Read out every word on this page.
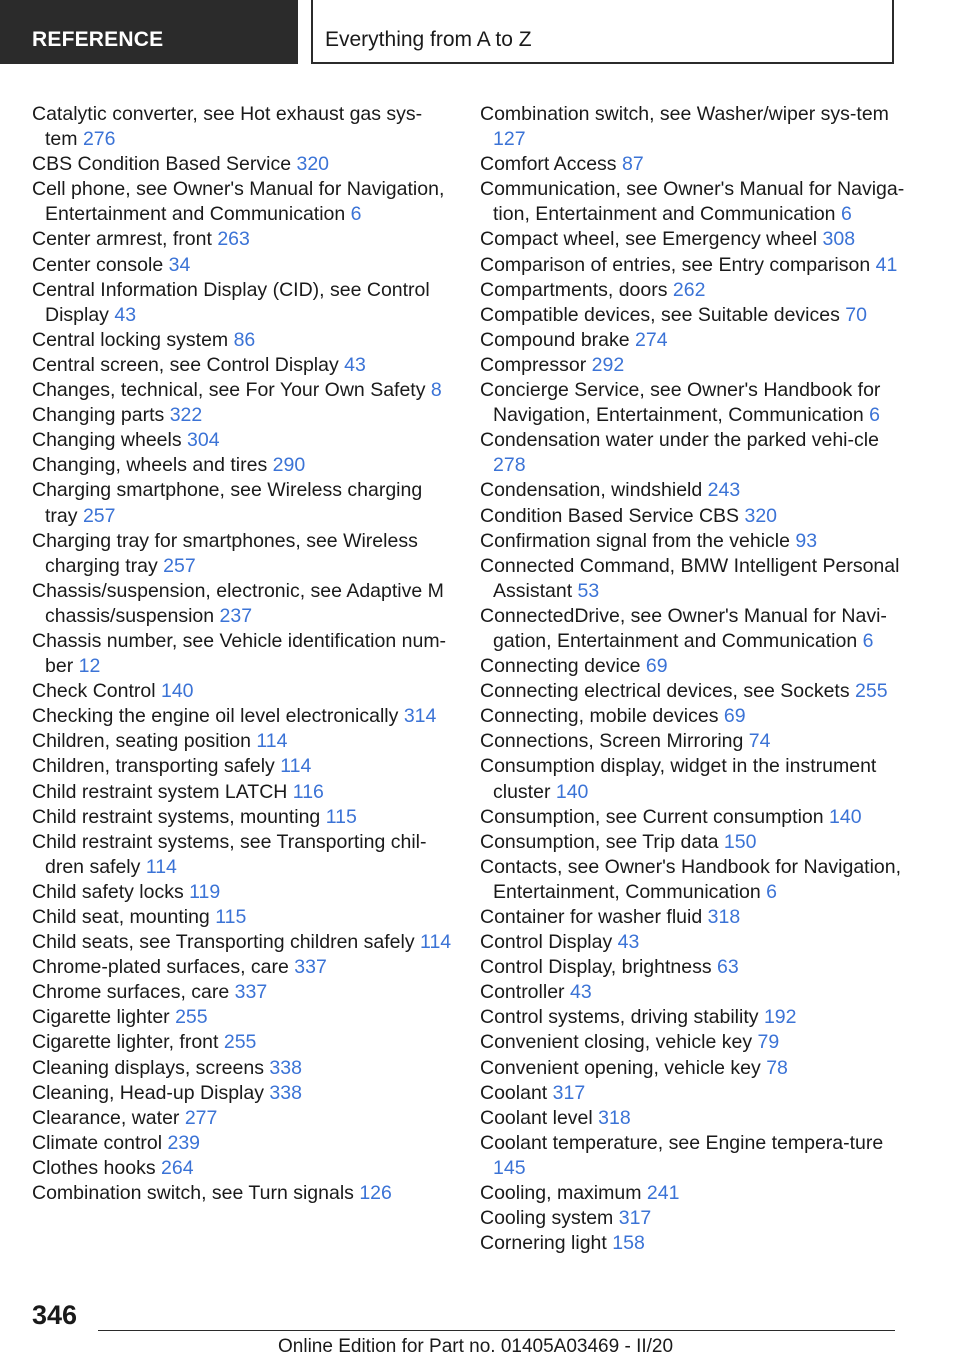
REFERENCE	Everything from A to Z
Catalytic converter, see Hot exhaust gas sys-tem 276
CBS Condition Based Service 320
Cell phone, see Owner's Manual for Navigation, Entertainment and Communication 6
Center armrest, front 263
Center console 34
Central Information Display (CID), see Control Display 43
Central locking system 86
Central screen, see Control Display 43
Changes, technical, see For Your Own Safety 8
Changing parts 322
Changing wheels 304
Changing, wheels and tires 290
Charging smartphone, see Wireless charging tray 257
Charging tray for smartphones, see Wireless charging tray 257
Chassis/suspension, electronic, see Adaptive M chassis/suspension 237
Chassis number, see Vehicle identification num-ber 12
Check Control 140
Checking the engine oil level electronically 314
Children, seating position 114
Children, transporting safely 114
Child restraint system LATCH 116
Child restraint systems, mounting 115
Child restraint systems, see Transporting chil-dren safely 114
Child safety locks 119
Child seat, mounting 115
Child seats, see Transporting children safely 114
Chrome-plated surfaces, care 337
Chrome surfaces, care 337
Cigarette lighter 255
Cigarette lighter, front 255
Cleaning displays, screens 338
Cleaning, Head-up Display 338
Clearance, water 277
Climate control 239
Clothes hooks 264
Combination switch, see Turn signals 126
Combination switch, see Washer/wiper sys-tem 127
Comfort Access 87
Communication, see Owner's Manual for Naviga-tion, Entertainment and Communication 6
Compact wheel, see Emergency wheel 308
Comparison of entries, see Entry comparison 41
Compartments, doors 262
Compatible devices, see Suitable devices 70
Compound brake 274
Compressor 292
Concierge Service, see Owner's Handbook for Navigation, Entertainment, Communication 6
Condensation water under the parked vehi-cle 278
Condensation, windshield 243
Condition Based Service CBS 320
Confirmation signal from the vehicle 93
Connected Command, BMW Intelligent Personal Assistant 53
ConnectedDrive, see Owner's Manual for Navi-gation, Entertainment and Communication 6
Connecting device 69
Connecting electrical devices, see Sockets 255
Connecting, mobile devices 69
Connections, Screen Mirroring 74
Consumption display, widget in the instrument cluster 140
Consumption, see Current consumption 140
Consumption, see Trip data 150
Contacts, see Owner's Handbook for Navigation, Entertainment, Communication 6
Container for washer fluid 318
Control Display 43
Control Display, brightness 63
Controller 43
Control systems, driving stability 192
Convenient closing, vehicle key 79
Convenient opening, vehicle key 78
Coolant 317
Coolant level 318
Coolant temperature, see Engine tempera-ture 145
Cooling, maximum 241
Cooling system 317
Cornering light 158
346
Online Edition for Part no. 01405A03469 - II/20
